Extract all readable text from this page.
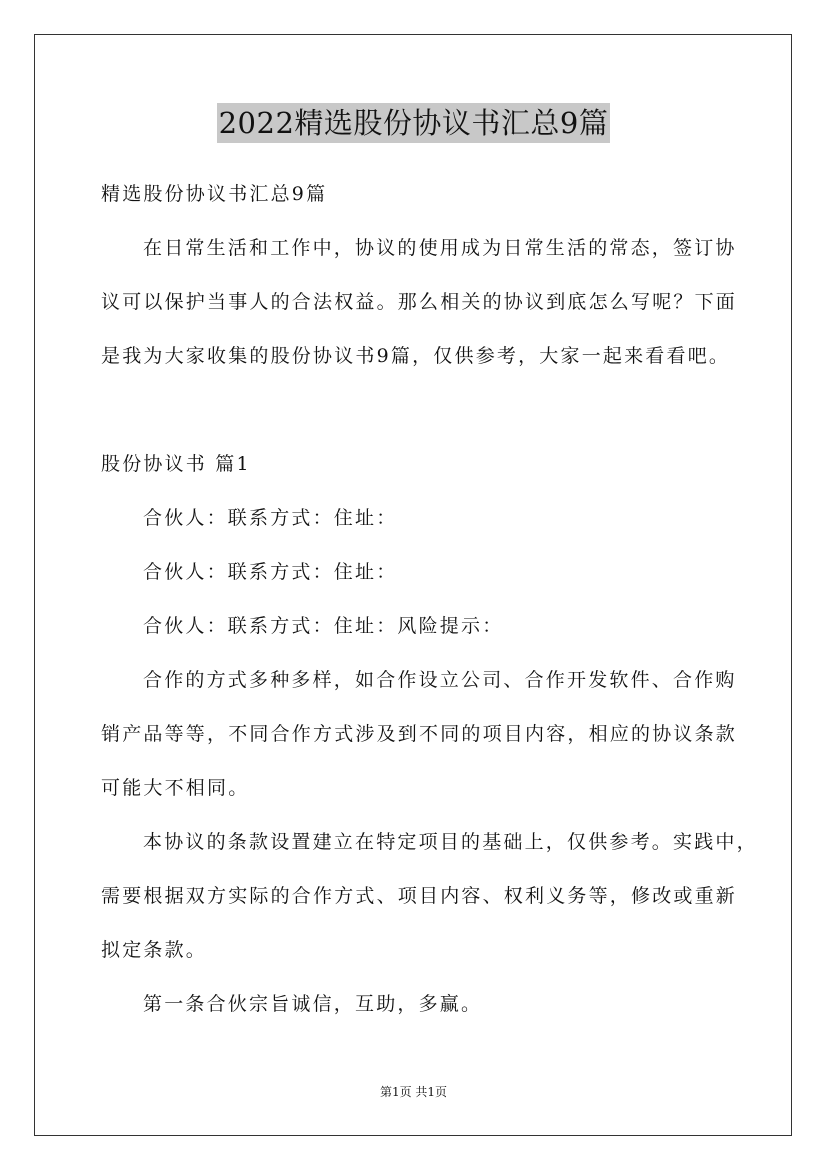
2022精选股份协议书汇总9篇
精选股份协议书汇总9篇
在日常生活和工作中，协议的使用成为日常生活的常态，签订协
议可以保护当事人的合法权益。那么相关的协议到底怎么写呢？下面
是我为大家收集的股份协议书9篇，仅供参考，大家一起来看看吧。
股份协议书 篇1
合伙人：联系方式：住址：
合伙人：联系方式：住址：
合伙人：联系方式：住址：风险提示：
合作的方式多种多样，如合作设立公司、合作开发软件、合作购
销产品等等，不同合作方式涉及到不同的项目内容，相应的协议条款
可能大不相同。
本协议的条款设置建立在特定项目的基础上，仅供参考。实践中，
需要根据双方实际的合作方式、项目内容、权利义务等，修改或重新
拟定条款。
第一条合伙宗旨诚信，互助，多赢。
第1页 共1页
